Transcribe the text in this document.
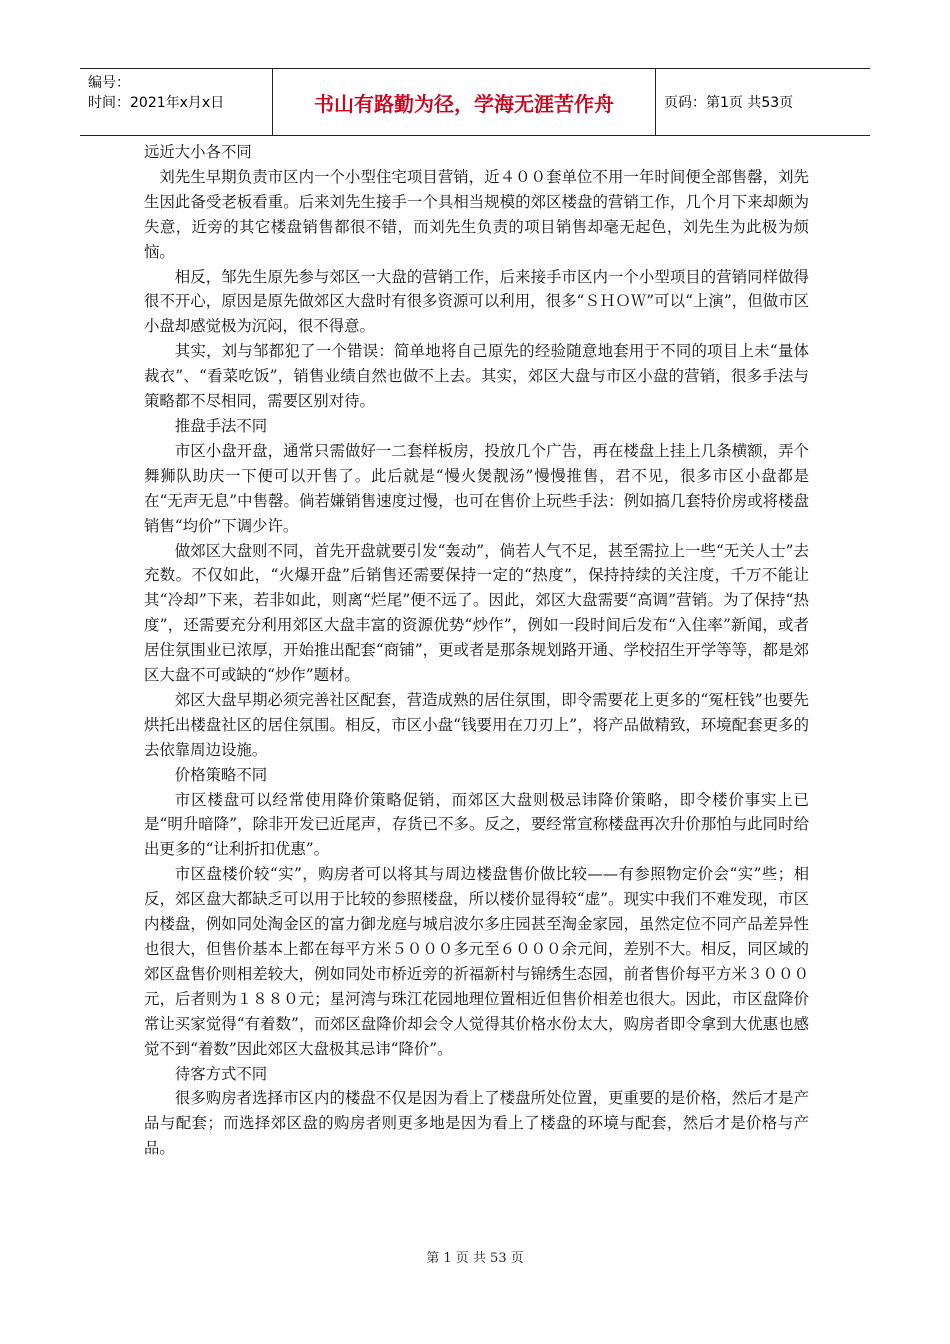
编号：
时间：2021年x月x日	书山有路勤为径，学海无涯苦作舟	页码：第1页 共53页

远近大小各不同

刘先生早期负责市区内一个小型住宅项目营销，近４００套单位不用一年时间便全部售罄，刘先生因此备受老板看重。后来刘先生接手一个具相当规模的郊区楼盘的营销工作，几个月下来却颇为失意，近旁的其它楼盘销售都很不错，而刘先生负责的项目销售却毫无起色，刘先生为此极为烦恼。

相反，邹先生原先参与郊区一大盘的营销工作，后来接手市区内一个小型项目的营销同样做得很不开心，原因是原先做郊区大盘时有很多资源可以利用，很多“ＳＨＯＷ”可以“上演”，但做市区小盘却感觉极为沉闷，很不得意。

其实，刘与邹都犯了一个错误：简单地将自己原先的经验随意地套用于不同的项目上未“量体裁衣”、“看菜吃饭”，销售业绩自然也做不上去。其实，郊区大盘与市区小盘的营销，很多手法与策略都不尽相同，需要区别对待。

推盘手法不同

市区小盘开盘，通常只需做好一二套样板房，投放几个广告，再在楼盘上挂上几条横额，弄个舞狮队助庆一下便可以开售了。此后就是“慢火煲靓汤”慢慢推售，君不见，很多市区小盘都是在“无声无息”中售罄。倘若嫌销售速度过慢，也可在售价上玩些手法：例如搞几套特价房或将楼盘销售“均价”下调少许。

做郊区大盘则不同，首先开盘就要引发“轰动”，倘若人气不足，甚至需拉上一些“无关人士”去充数。不仅如此，“火爆开盘”后销售还需要保持一定的“热度”，保持持续的关注度，千万不能让其“冷却”下来，若非如此，则离“烂尾”便不远了。因此，郊区大盘需要“高调”营销。为了保持“热度”，还需要充分利用郊区大盘丰富的资源优势“炒作”，例如一段时间后发布“入住率”新闻，或者居住氛围业已浓厚，开始推出配套“商铺”，更或者是那条规划路开通、学校招生开学等等，都是郊区大盘不可或缺的“炒作”题材。

郊区大盘早期必须完善社区配套，营造成熟的居住氛围，即令需要花上更多的“冤枉钱”也要先烘托出楼盘社区的居住氛围。相反，市区小盘“钱要用在刀刃上”，将产品做精致，环境配套更多的去依靠周边设施。

价格策略不同

市区楼盘可以经常使用降价策略促销，而郊区大盘则极忌讳降价策略，即令楼价事实上已是“明升暗降”，除非开发已近尾声，存货已不多。反之，要经常宣称楼盘再次升价那怕与此同时给出更多的“让利折扣优惠”。

市区盘楼价较“实”，购房者可以将其与周边楼盘售价做比较——有参照物定价会“实”些；相反，郊区盘大都缺乏可以用于比较的参照楼盘，所以楼价显得较“虚”。现实中我们不难发现，市区内楼盘，例如同处淘金区的富力御龙庭与城启波尔多庄园甚至淘金家园，虽然定位不同产品差异性也很大，但售价基本上都在每平方米５０００多元至６０００余元间，差别不大。相反，同区域的郊区盘售价则相差较大，例如同处市桥近旁的祈福新村与锦绣生态园，前者售价每平方米３０００元，后者则为１８８０元；星河湾与珠江花园地理位置相近但售价相差也很大。因此，市区盘降价常让买家觉得“有着数”，而郊区盘降价却会令人觉得其价格水份太大，购房者即令拿到大优惠也感觉不到“着数”因此郊区大盘极其忌讳“降价”。

待客方式不同

很多购房者选择市区内的楼盘不仅是因为看上了楼盘所处位置，更重要的是价格，然后才是产品与配套；而选择郊区盘的购房者则更多地是因为看上了楼盘的环境与配套，然后才是价格与产品。

第 1 页 共 53 页
